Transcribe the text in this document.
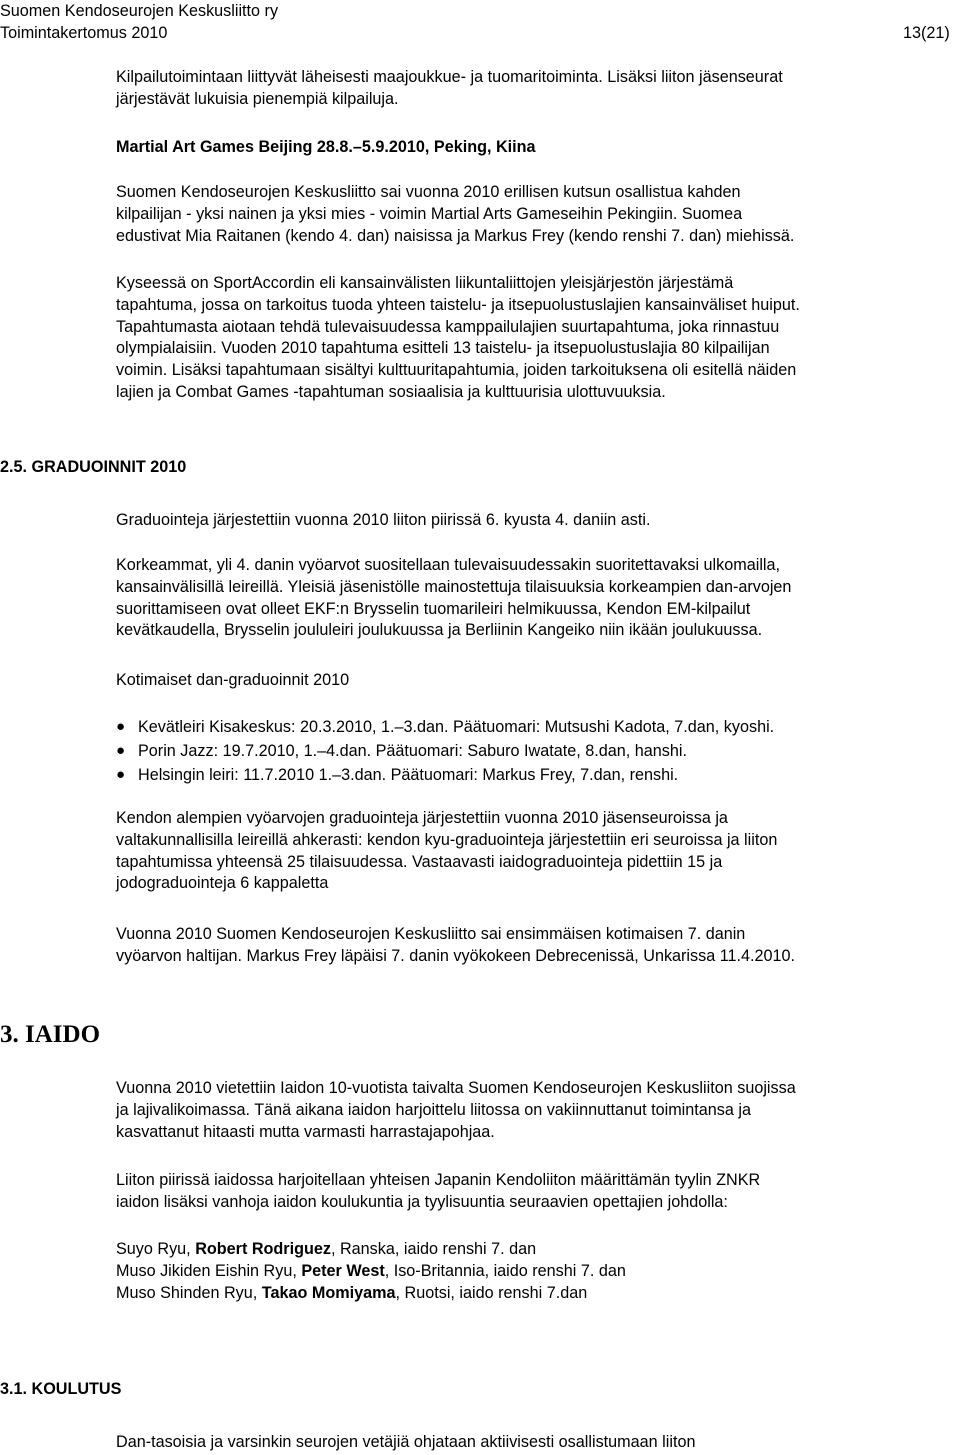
Suomen Kendoseurojen Keskusliitto ry
Toimintakertomus 2010	13(21)
Kilpailutoimintaan liittyvät läheisesti maajoukkue- ja tuomaritoiminta. Lisäksi liiton jäsenseurat
järjestävät lukuisia pienempiä kilpailuja.
Martial Art Games Beijing 28.8.–5.9.2010, Peking, Kiina
Suomen Kendoseurojen Keskusliitto sai vuonna 2010 erillisen kutsun osallistua kahden
kilpailijan - yksi nainen ja yksi mies - voimin Martial Arts Gameseihin Pekingiin. Suomea
edustivat Mia Raitanen (kendo 4. dan) naisissa ja Markus Frey (kendo renshi 7. dan) miehissä.
Kyseessä on SportAccordin eli kansainvälisten liikuntaliittojen yleisjärjestön järjestämä
tapahtuma, jossa on tarkoitus tuoda yhteen taistelu- ja itsepuolustuslajien kansainväliset huiput.
Tapahtumasta aiotaan tehdä tulevaisuudessa kamppailulajien suurtapahtuma, joka rinnastuu
olympialaisiin. Vuoden 2010 tapahtuma esitteli 13 taistelu- ja itsepuolustuslajia 80 kilpailijan
voimin. Lisäksi tapahtumaan sisältyi kulttuuritapahtumia, joiden tarkoituksena oli esitellä näiden
lajien ja Combat Games -tapahtuman sosiaalisia ja kulttuurisia ulottuvuuksia.
2.5. GRADUOINNIT 2010
Graduointeja järjestettiin vuonna 2010 liiton piirissä 6. kyusta 4. daniin asti.
Korkeammat, yli 4. danin vyöarvot suositellaan tulevaisuudessakin suoritettavaksi ulkomailla,
kansainvälisillä leireillä. Yleisiä jäsenistölle mainostettuja tilaisuuksia korkeampien dan-arvojen
suorittamiseen ovat olleet EKF:n Brysselin tuomarileiri helmikuussa, Kendon EM-kilpailut
kevätkaudella, Brysselin joululeiri joulukuussa ja Berliinin Kangeiko niin ikään joulukuussa.
Kotimaiset dan-graduoinnit 2010
● Kevätleiri Kisakeskus: 20.3.2010, 1.–3.dan. Päätuomari: Mutsushi Kadota, 7.dan, kyoshi.
● Porin Jazz: 19.7.2010, 1.–4.dan. Päätuomari: Saburo Iwatate, 8.dan, hanshi.
● Helsingin leiri: 11.7.2010 1.–3.dan. Päätuomari: Markus Frey, 7.dan, renshi.
Kendon alempien vyöarvojen graduointeja järjestettiin vuonna 2010 jäsenseuroissa ja
valtakunnallisilla leireillä ahkerasti: kendon kyu-graduointeja järjestettiin eri seuroissa ja liiton
tapahtumissa yhteensä 25 tilaisuudessa. Vastaavasti iaidograduointeja pidettiin 15 ja
jodograduointeja 6 kappaletta
Vuonna 2010 Suomen Kendoseurojen Keskusliitto sai ensimmäisen kotimaisen 7. danin
vyöarvon haltijan. Markus Frey läpäisi 7. danin vyökokeen Debrecenissä, Unkarissa 11.4.2010.
3. IAIDO
Vuonna 2010 vietettiin Iaidon 10-vuotista taivalta Suomen Kendoseurojen Keskusliiton suojissa
ja lajivalikoimassa. Tänä aikana iaidon harjoittelu liitossa on vakiinnuttanut toimintansa ja
kasvattanut hitaasti mutta varmasti harrastajapohjaa.
Liiton piirissä iaidossa harjoitellaan yhteisen Japanin Kendoliiton määrittämän tyylin ZNKR
iaidon lisäksi vanhoja iaidon koulukuntia ja tyylisuuntia seuraavien opettajien johdolla:
Suyo Ryu, Robert Rodriguez, Ranska, iaido renshi 7. dan
Muso Jikiden Eishin Ryu, Peter West, Iso-Britannia, iaido renshi 7. dan
Muso Shinden Ryu, Takao Momiyama, Ruotsi, iaido renshi 7.dan
3.1. KOULUTUS
Dan-tasoisia ja varsinkin seurojen vetäjiä ohjataan aktiivisesti osallistumaan liiton
